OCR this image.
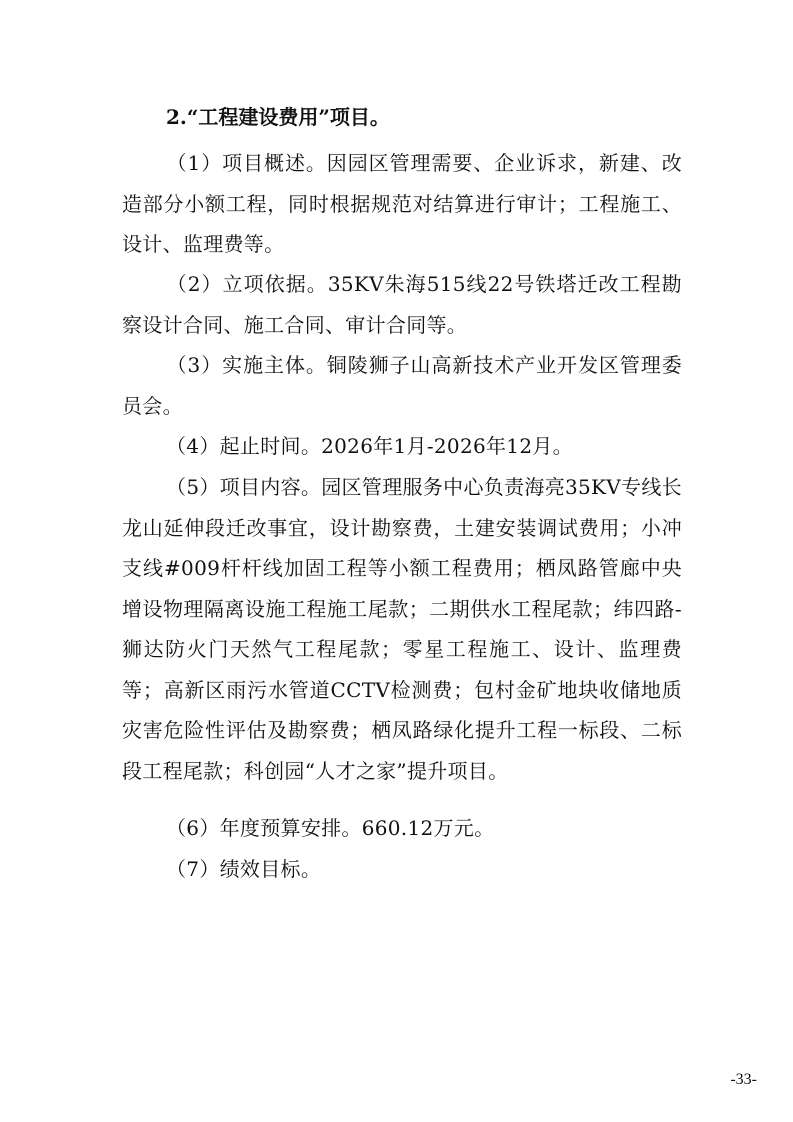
2.“工程建设费用”项目。
（1）项目概述。因园区管理需要、企业诉求，新建、改造部分小额工程，同时根据规范对结算进行审计；工程施工、设计、监理费等。
（2）立项依据。35KV朱海515线22号铁塔迁改工程勘察设计合同、施工合同、审计合同等。
（3）实施主体。铜陵狮子山高新技术产业开发区管理委员会。
（4）起止时间。2026年1月-2026年12月。
（5）项目内容。园区管理服务中心负责海亮35KV专线长龙山延伸段迁改事宜，设计勘察费，土建安装调试费用；小冲支线#009杆杆线加固工程等小额工程费用；栖凤路管廊中央增设物理隔离设施工程施工尾款；二期供水工程尾款；纬四路-狮达防火门天然气工程尾款；零星工程施工、设计、监理费等；高新区雨污水管道CCTV检测费；包村金矿地块收储地质灾害危险性评估及勘察费；栖凤路绿化提升工程一标段、二标段工程尾款；科创园“人才之家”提升项目。
（6）年度预算安排。660.12万元。
（7）绩效目标。
-33-
